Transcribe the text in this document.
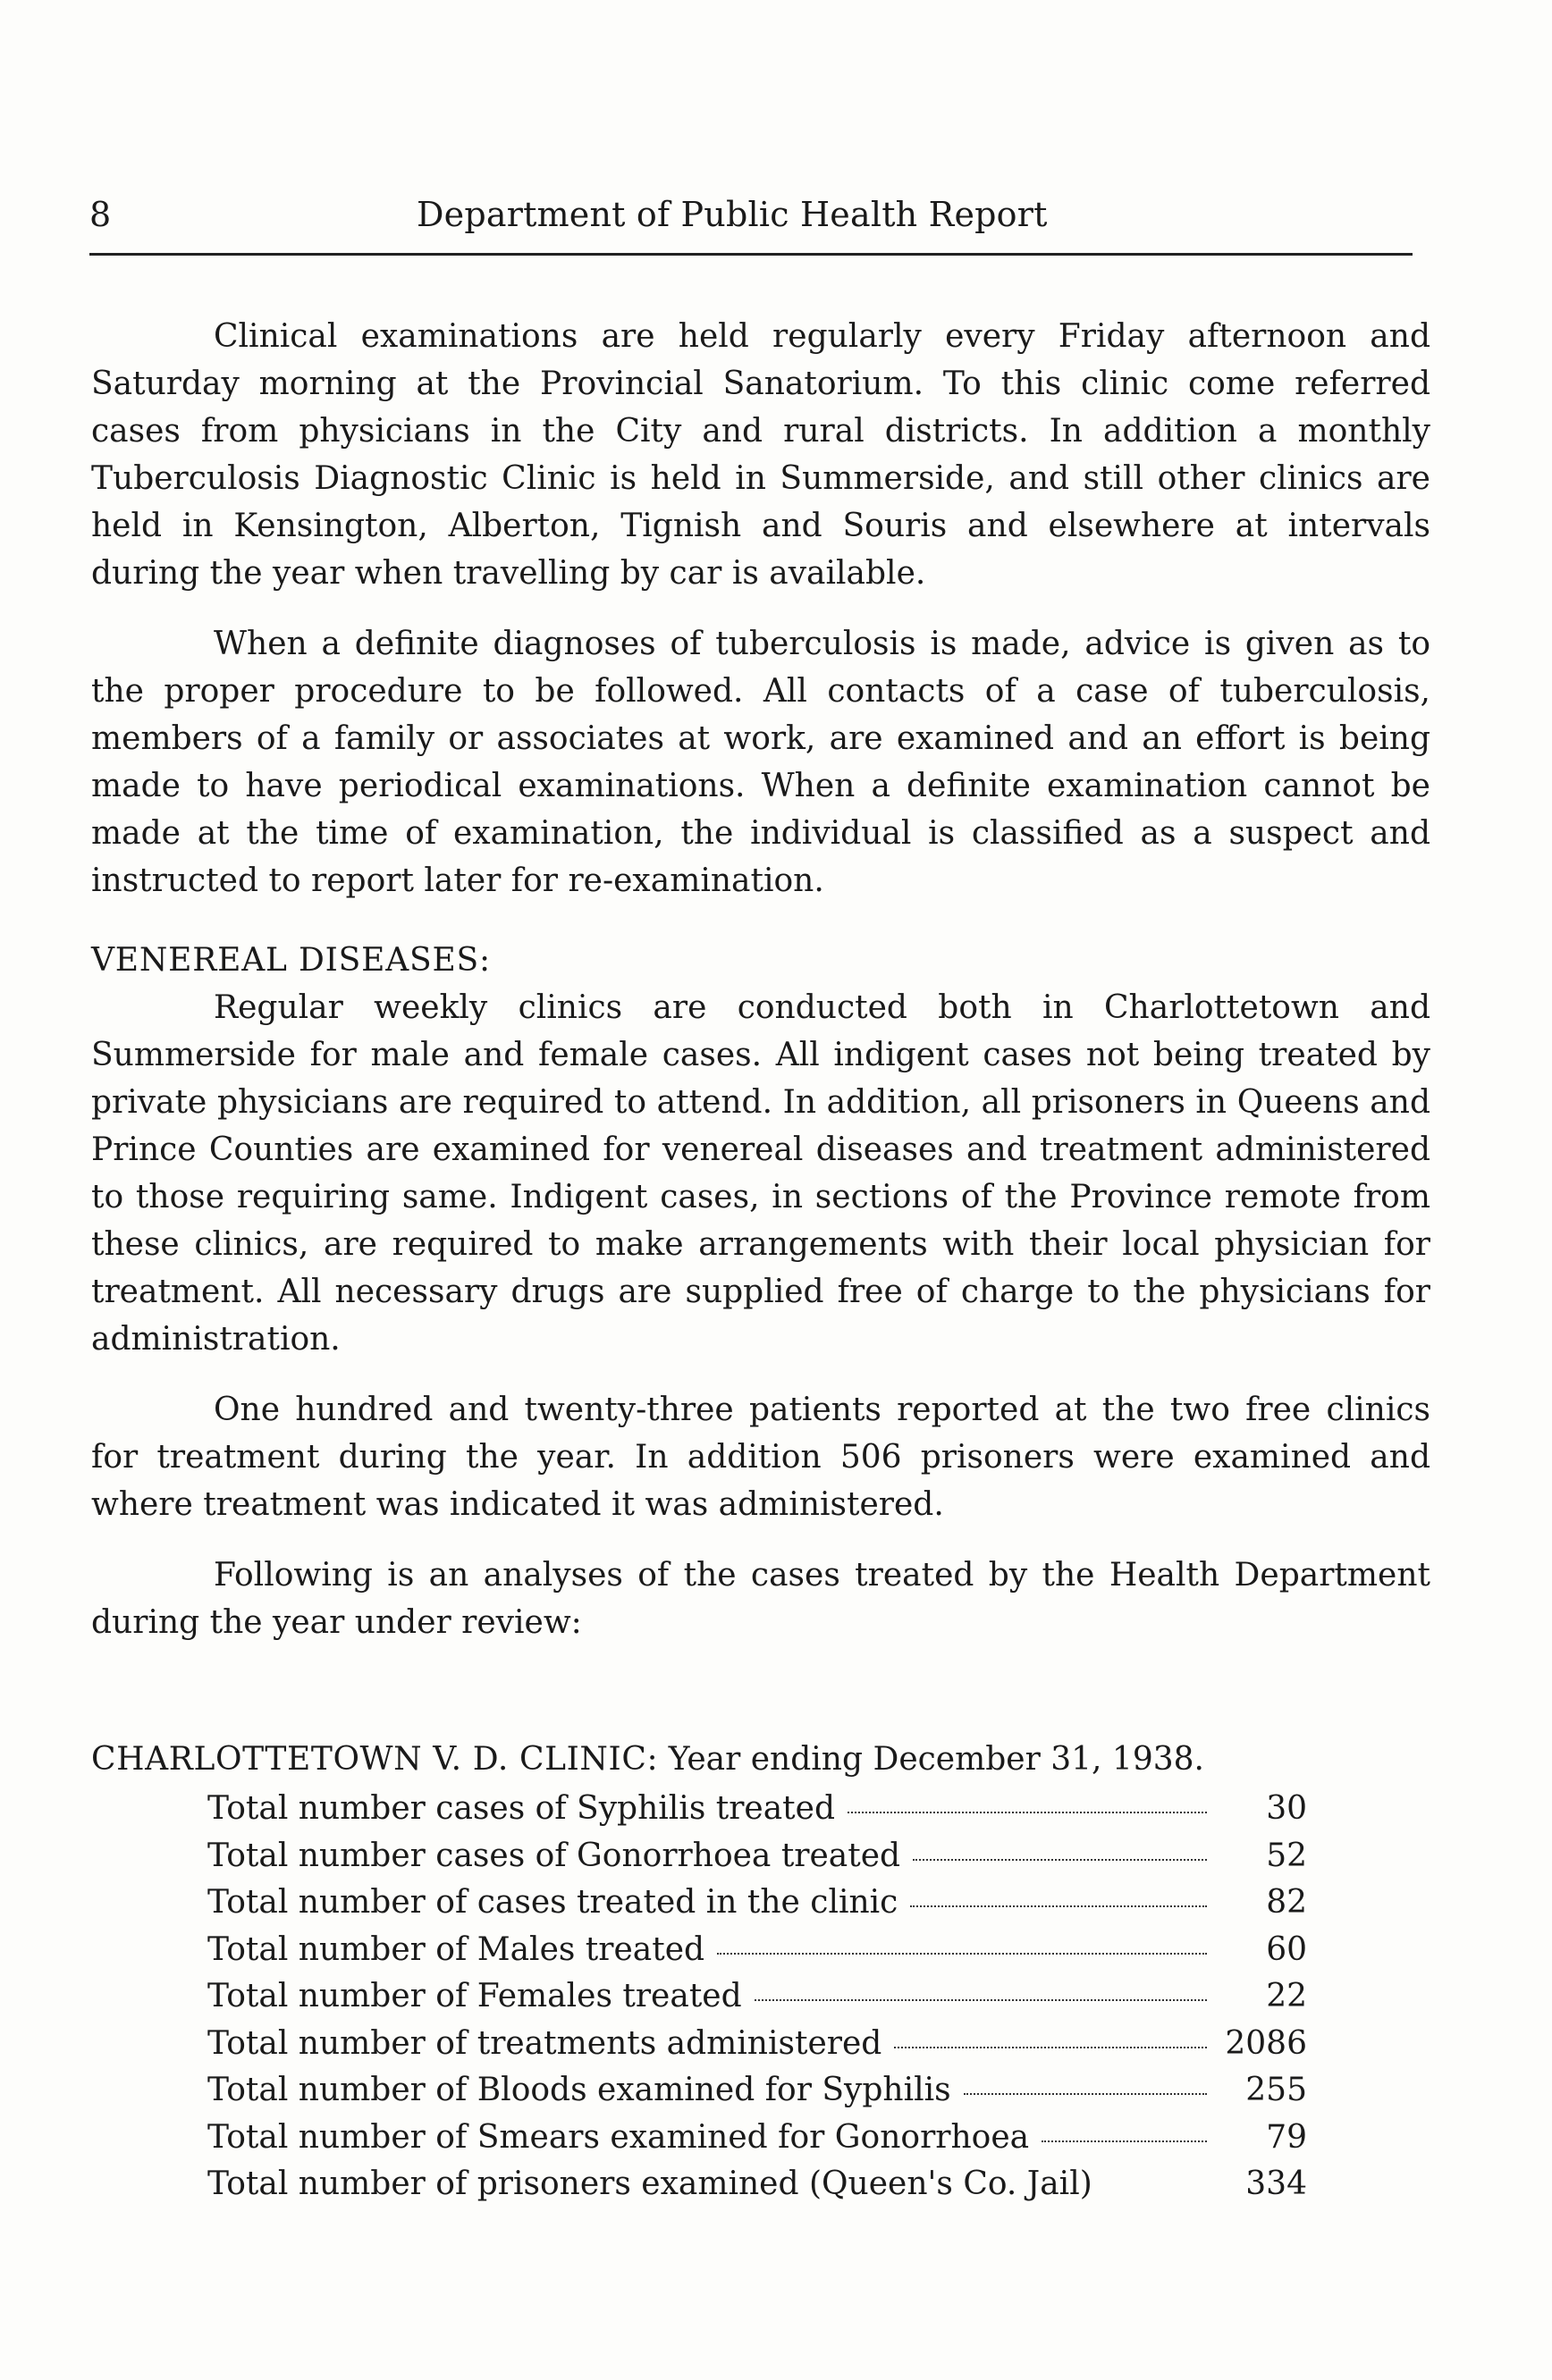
8	Department of Public Health Report

Clinical examinations are held regularly every Friday afternoon and Saturday morning at the Provincial Sanatorium. To this clinic come referred cases from physicians in the City and rural districts. In addition a monthly Tuberculosis Diagnostic Clinic is held in Summerside, and still other clinics are held in Kensington, Alberton, Tignish and Souris and elsewhere at intervals during the year when travelling by car is available.

When a definite diagnoses of tuberculosis is made, advice is given as to the proper procedure to be followed. All contacts of a case of tuberculosis, members of a family or associates at work, are examined and an effort is being made to have periodical examinations. When a definite examination cannot be made at the time of examination, the individual is classified as a suspect and instructed to report later for re-examination.

VENEREAL DISEASES:

Regular weekly clinics are conducted both in Charlottetown and Summerside for male and female cases. All indigent cases not being treated by private physicians are required to attend. In addition, all prisoners in Queens and Prince Counties are examined for venereal diseases and treatment administered to those requiring same. Indigent cases, in sections of the Province remote from these clinics, are required to make arrangements with their local physician for treatment. All necessary drugs are supplied free of charge to the physicians for administration.

One hundred and twenty-three patients reported at the two free clinics for treatment during the year. In addition 506 prisoners were examined and where treatment was indicated it was administered.

Following is an analyses of the cases treated by the Health Department during the year under review:

CHARLOTTETOWN V. D. CLINIC: Year ending December 31, 1938.
Total number cases of Syphilis treated	30
Total number cases of Gonorrhoea treated	52
Total number of cases treated in the clinic	82
Total number of Males treated	60
Total number of Females treated	22
Total number of treatments administered	2086
Total number of Bloods examined for Syphilis	255
Total number of Smears examined for Gonorrhoea	79
Total number of prisoners examined (Queen's Co. Jail)	334
